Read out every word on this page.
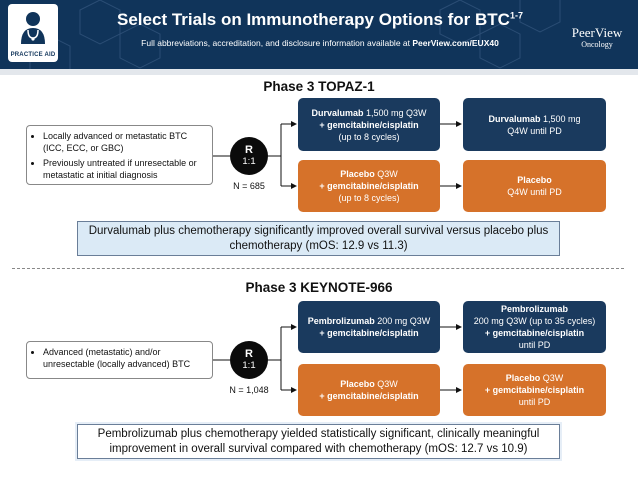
PRACTICE AID
Select Trials on Immunotherapy Options for BTC$^{1-7}$
Full abbreviations, accreditation, and disclosure information available at PeerView.com/EUX40
PeerView
Oncology
Phase 3 TOPAZ-1
• Locally advanced or metastatic BTC (ICC, ECC, or GBC)
• Previously untreated if unresectable or metastatic at initial diagnosis
R
1:1
N = 685
Durvalumab 1,500 mg Q3W
+ gemcitabine/cisplatin
(up to 8 cycles)
Placebo Q3W
+ gemcitabine/cisplatin
(up to 8 cycles)
Durvalumab 1,500 mg
Q4W until PD
Placebo
Q4W until PD
Durvalumab plus chemotherapy significantly improved overall survival versus placebo plus chemotherapy (mOS: 12.9 vs 11.3)
Phase 3 KEYNOTE-966
• Advanced (metastatic) and/or unresectable (locally advanced) BTC
R
1:1
N = 1,048
Pembrolizumab 200 mg Q3W
+ gemcitabine/cisplatin
Placebo Q3W
+ gemcitabine/cisplatin
Pembrolizumab
200 mg Q3W (up to 35 cycles)
+ gemcitabine/cisplatin
until PD
Placebo Q3W
+ gemcitabine/cisplatin
until PD
Pembrolizumab plus chemotherapy yielded statistically significant, clinically meaningful improvement in overall survival compared with chemotherapy (mOS: 12.7 vs 10.9)
